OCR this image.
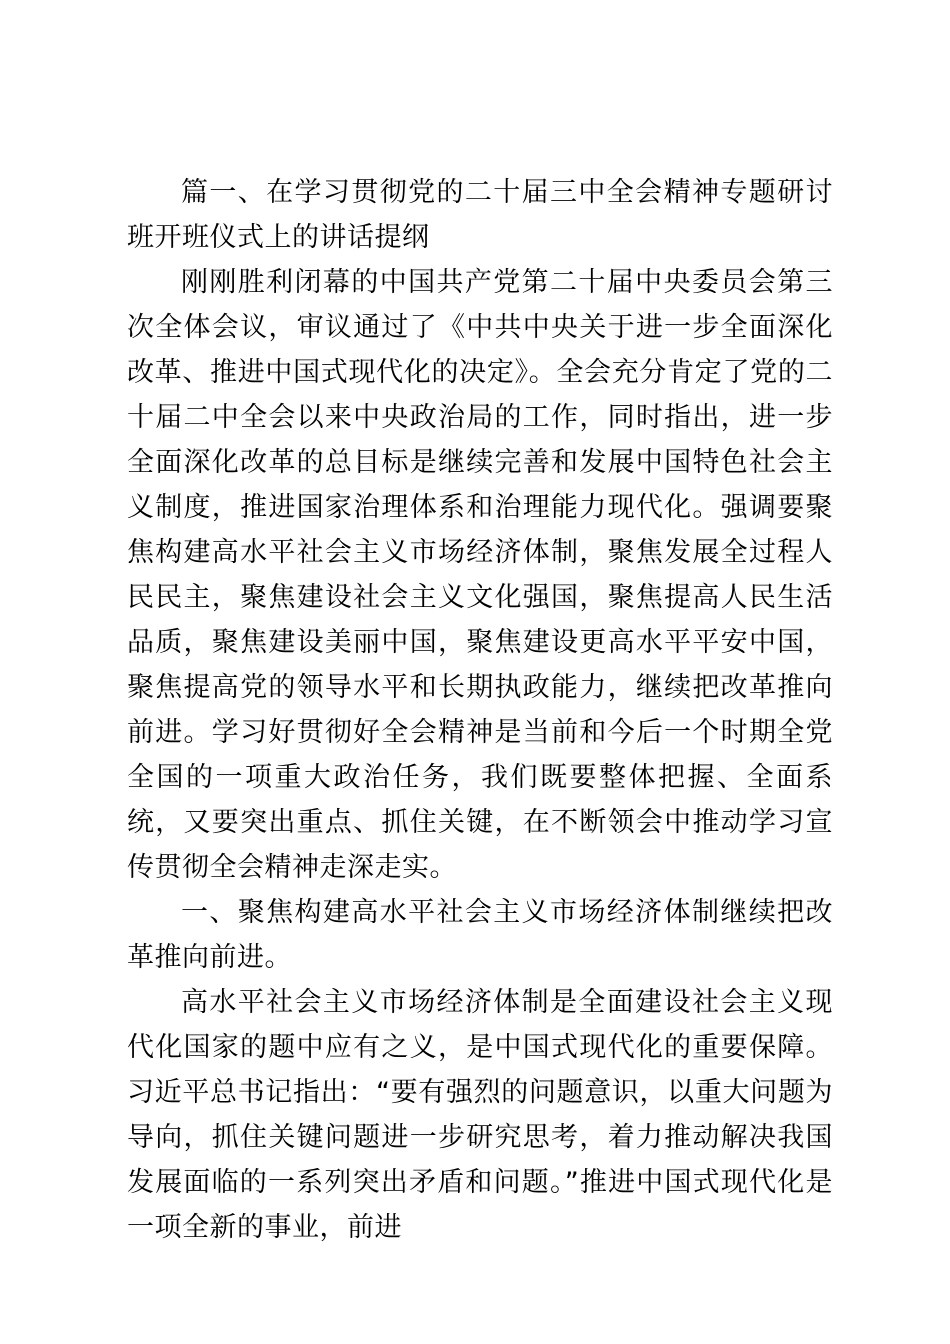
篇一、在学习贯彻党的二十届三中全会精神专题研讨班开班仪式上的讲话提纲

刚刚胜利闭幕的中国共产党第二十届中央委员会第三次全体会议，审议通过了《中共中央关于进一步全面深化改革、推进中国式现代化的决定》。全会充分肯定了党的二十届二中全会以来中央政治局的工作，同时指出，进一步全面深化改革的总目标是继续完善和发展中国特色社会主义制度，推进国家治理体系和治理能力现代化。强调要聚焦构建高水平社会主义市场经济体制，聚焦发展全过程人民民主，聚焦建设社会主义文化强国，聚焦提高人民生活品质，聚焦建设美丽中国，聚焦建设更高水平平安中国，聚焦提高党的领导水平和长期执政能力，继续把改革推向前进。学习好贯彻好全会精神是当前和今后一个时期全党全国的一项重大政治任务，我们既要整体把握、全面系统，又要突出重点、抓住关键，在不断领会中推动学习宣传贯彻全会精神走深走实。

一、聚焦构建高水平社会主义市场经济体制继续把改革推向前进。

高水平社会主义市场经济体制是全面建设社会主义现代化国家的题中应有之义，是中国式现代化的重要保障。习近平总书记指出：“要有强烈的问题意识，以重大问题为导向，抓住关键问题进一步研究思考，着力推动解决我国发展面临的一系列突出矛盾和问题。”推进中国式现代化是一项全新的事业，前进
